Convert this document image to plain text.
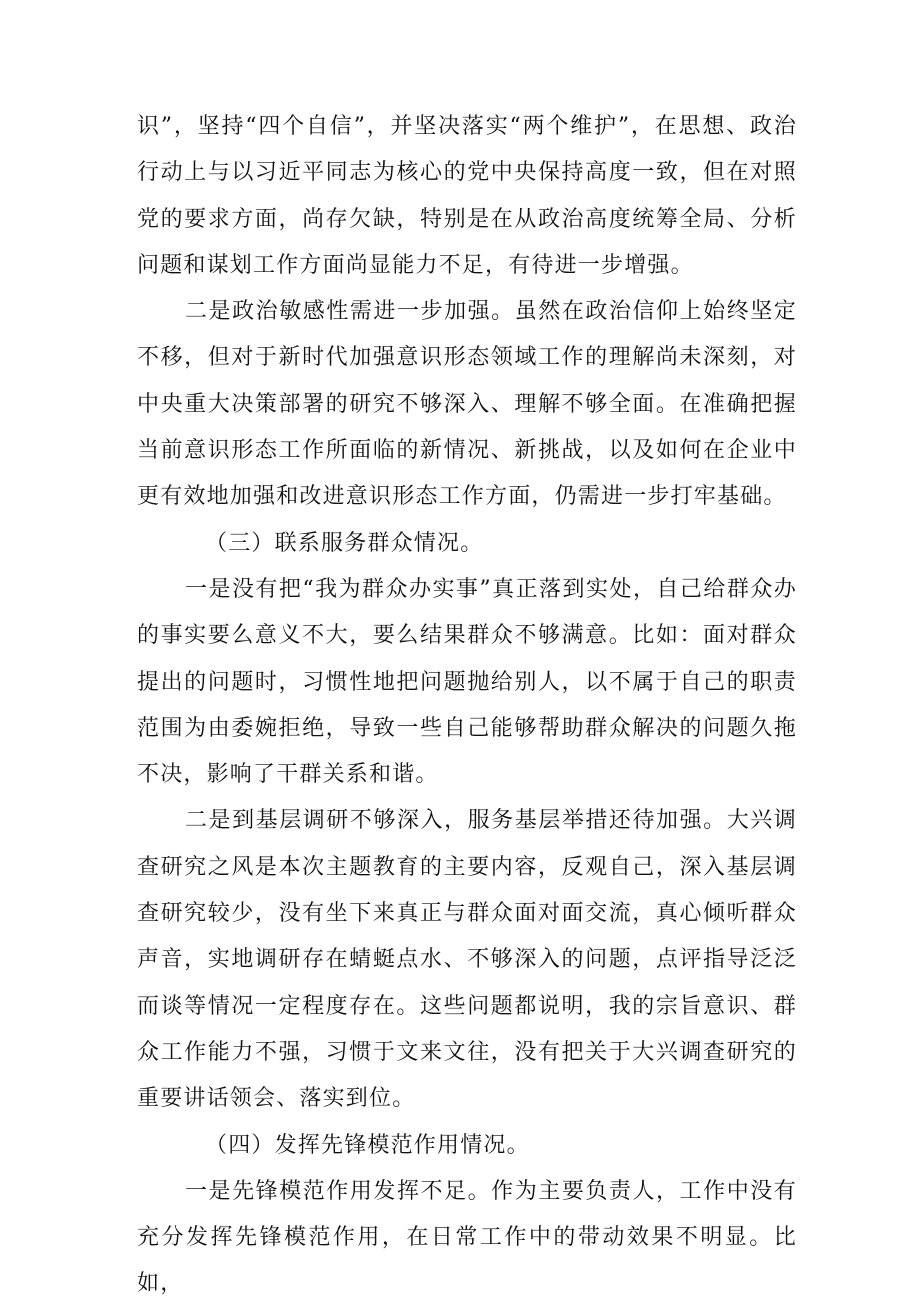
识”，坚持“四个自信”，并坚决落实“两个维护”，在思想、政治行动上与以习近平同志为核心的党中央保持高度一致，但在对照党的要求方面，尚存欠缺，特别是在从政治高度统筹全局、分析问题和谋划工作方面尚显能力不足，有待进一步增强。

二是政治敏感性需进一步加强。虽然在政治信仰上始终坚定不移，但对于新时代加强意识形态领域工作的理解尚未深刻，对中央重大决策部署的研究不够深入、理解不够全面。在准确把握当前意识形态工作所面临的新情况、新挑战，以及如何在企业中更有效地加强和改进意识形态工作方面，仍需进一步打牢基础。

（三）联系服务群众情况。

一是没有把“我为群众办实事”真正落到实处，自己给群众办的事实要么意义不大，要么结果群众不够满意。比如：面对群众提出的问题时，习惯性地把问题抛给别人，以不属于自己的职责范围为由委婉拒绝，导致一些自己能够帮助群众解决的问题久拖不决，影响了干群关系和谐。

二是到基层调研不够深入，服务基层举措还待加强。大兴调查研究之风是本次主题教育的主要内容，反观自己，深入基层调查研究较少，没有坐下来真正与群众面对面交流，真心倾听群众声音，实地调研存在蜻蜓点水、不够深入的问题，点评指导泛泛而谈等情况一定程度存在。这些问题都说明，我的宗旨意识、群众工作能力不强，习惯于文来文往，没有把关于大兴调查研究的重要讲话领会、落实到位。

（四）发挥先锋模范作用情况。

一是先锋模范作用发挥不足。作为主要负责人，工作中没有充分发挥先锋模范作用，在日常工作中的带动效果不明显。比如，
